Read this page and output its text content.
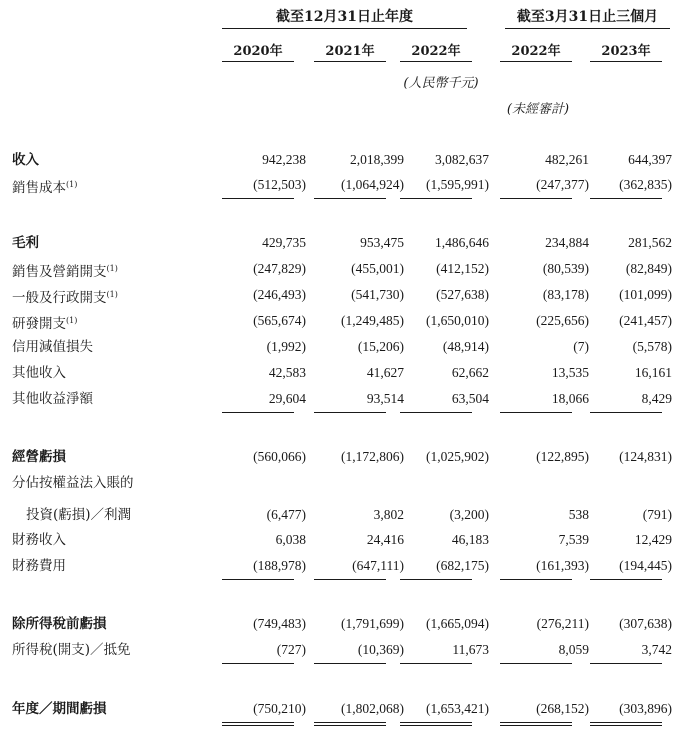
截至12月31日止年度	截至3月31日止三個月
2020年	2021年	2022年	2022年	2023年
(人民幣千元)
(未經審計)
收入	942,238	2,018,399	3,082,637	482,261	644,397
銷售成本$^{(1)}$	(512,503)	(1,064,924)	(1,595,991)	(247,377)	(362,835)
毛利	429,735	953,475	1,486,646	234,884	281,562
銷售及營銷開支$^{(1)}$	(247,829)	(455,001)	(412,152)	(80,539)	(82,849)
一般及行政開支$^{(1)}$	(246,493)	(541,730)	(527,638)	(83,178)	(101,099)
研發開支$^{(1)}$	(565,674)	(1,249,485)	(1,650,010)	(225,656)	(241,457)
信用減值損失	(1,992)	(15,206)	(48,914)	(7)	(5,578)
其他收入	42,583	41,627	62,662	13,535	16,161
其他收益淨額	29,604	93,514	63,504	18,066	8,429
經營虧損	(560,066)	(1,172,806)	(1,025,902)	(122,895)	(124,831)
分佔按權益法入賬的
投資(虧損)／利潤	(6,477)	3,802	(3,200)	538	(791)
財務收入	6,038	24,416	46,183	7,539	12,429
財務費用	(188,978)	(647,111)	(682,175)	(161,393)	(194,445)
除所得稅前虧損	(749,483)	(1,791,699)	(1,665,094)	(276,211)	(307,638)
所得稅(開支)／抵免	(727)	(10,369)	11,673	8,059	3,742
年度／期間虧損	(750,210)	(1,802,068)	(1,653,421)	(268,152)	(303,896)
